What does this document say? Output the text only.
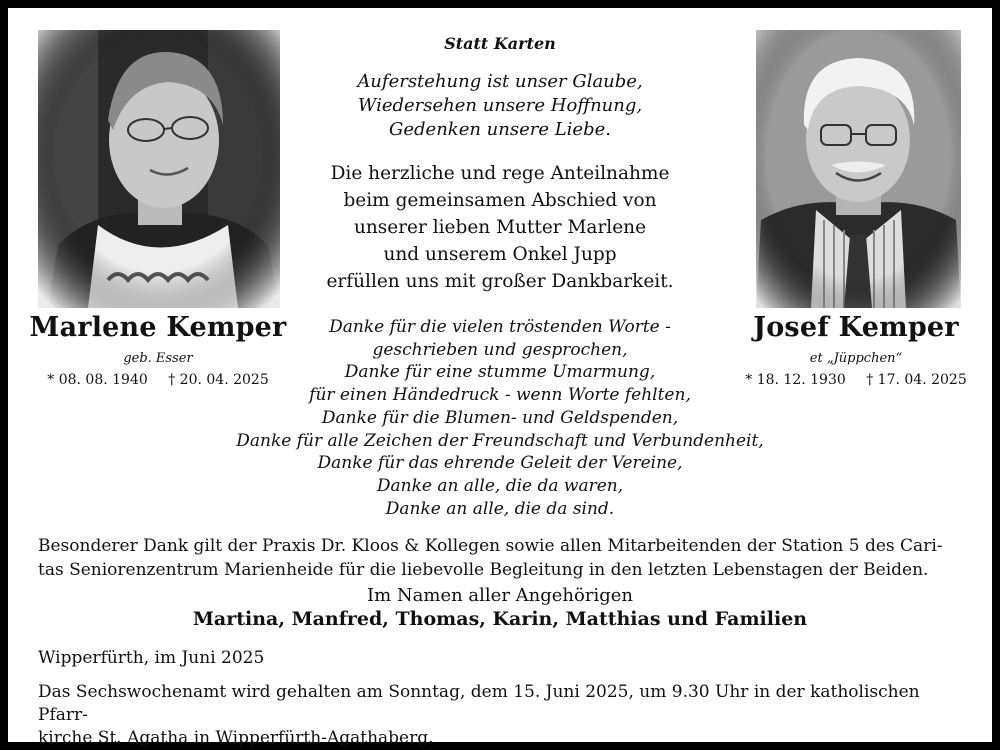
Statt Karten
Auferstehung ist unser Glaube,
Wiedersehen unsere Hoffnung,
Gedenken unsere Liebe.
Die herzliche und rege Anteilnahme
beim gemeinsamen Abschied von
unserer lieben Mutter Marlene
und unserem Onkel Jupp
erfüllen uns mit großer Dankbarkeit.
Danke für die vielen tröstenden Worte -
geschrieben und gesprochen,
Danke für eine stumme Umarmung,
für einen Händedruck - wenn Worte fehlten,
Danke für die Blumen- und Geldspenden,
Danke für alle Zeichen der Freundschaft und Verbundenheit,
Danke für das ehrende Geleit der Vereine,
Danke an alle, die da waren,
Danke an alle, die da sind.
Marlene Kemper
geb. Esser
* 08. 08. 1940 † 20. 04. 2025
Josef Kemper
et „Jüppchen“
* 18. 12. 1930 † 17. 04. 2025
Besonderer Dank gilt der Praxis Dr. Kloos & Kollegen sowie allen Mitarbeitenden der Station 5 des Cari-
tas Seniorenzentrum Marienheide für die liebevolle Begleitung in den letzten Lebenstagen der Beiden.
Im Namen aller Angehörigen
Martina, Manfred, Thomas, Karin, Matthias und Familien
Wipperfürth, im Juni 2025
Das Sechswochenamt wird gehalten am Sonntag, dem 15. Juni 2025, um 9.30 Uhr in der katholischen Pfarr-
kirche St. Agatha in Wipperfürth-Agathaberg.
